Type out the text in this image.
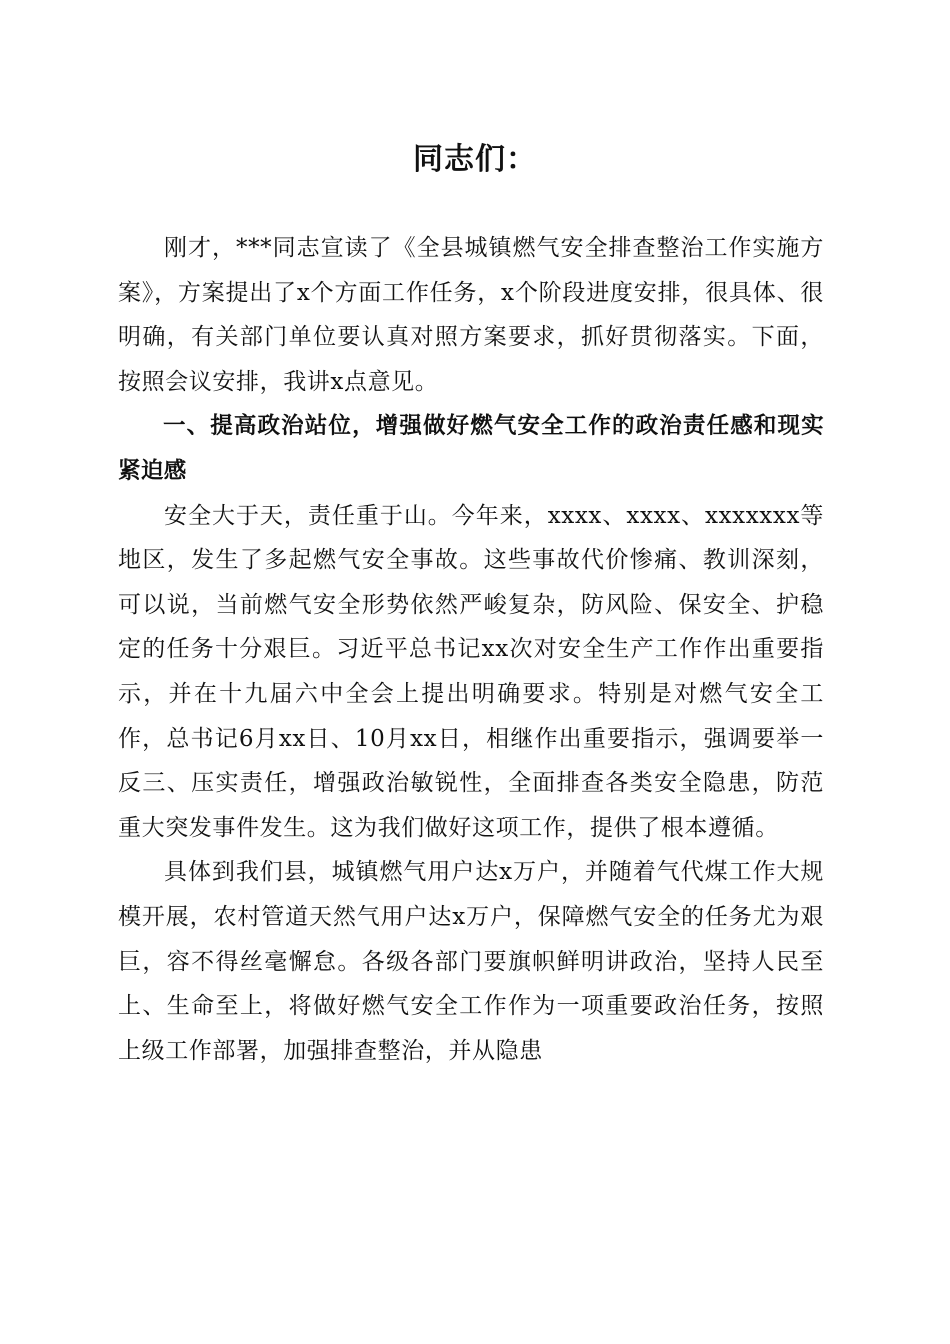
同志们：

刚才，***同志宣读了《全县城镇燃气安全排查整治工作实施方案》，方案提出了x个方面工作任务，x个阶段进度安排，很具体、很明确，有关部门单位要认真对照方案要求，抓好贯彻落实。下面，按照会议安排，我讲x点意见。

一、提高政治站位，增强做好燃气安全工作的政治责任感和现实紧迫感

安全大于天，责任重于山。今年来，xxxx、xxxx、xxxxxxx等地区，发生了多起燃气安全事故。这些事故代价惨痛、教训深刻，可以说，当前燃气安全形势依然严峻复杂，防风险、保安全、护稳定的任务十分艰巨。习近平总书记xx次对安全生产工作作出重要指示，并在十九届六中全会上提出明确要求。特别是对燃气安全工作，总书记6月xx日、10月xx日，相继作出重要指示，强调要举一反三、压实责任，增强政治敏锐性，全面排查各类安全隐患，防范重大突发事件发生。这为我们做好这项工作，提供了根本遵循。

具体到我们县，城镇燃气用户达x万户，并随着气代煤工作大规模开展，农村管道天然气用户达x万户，保障燃气安全的任务尤为艰巨，容不得丝毫懈怠。各级各部门要旗帜鲜明讲政治，坚持人民至上、生命至上，将做好燃气安全工作作为一项重要政治任务，按照上级工作部署，加强排查整治，并从隐患
